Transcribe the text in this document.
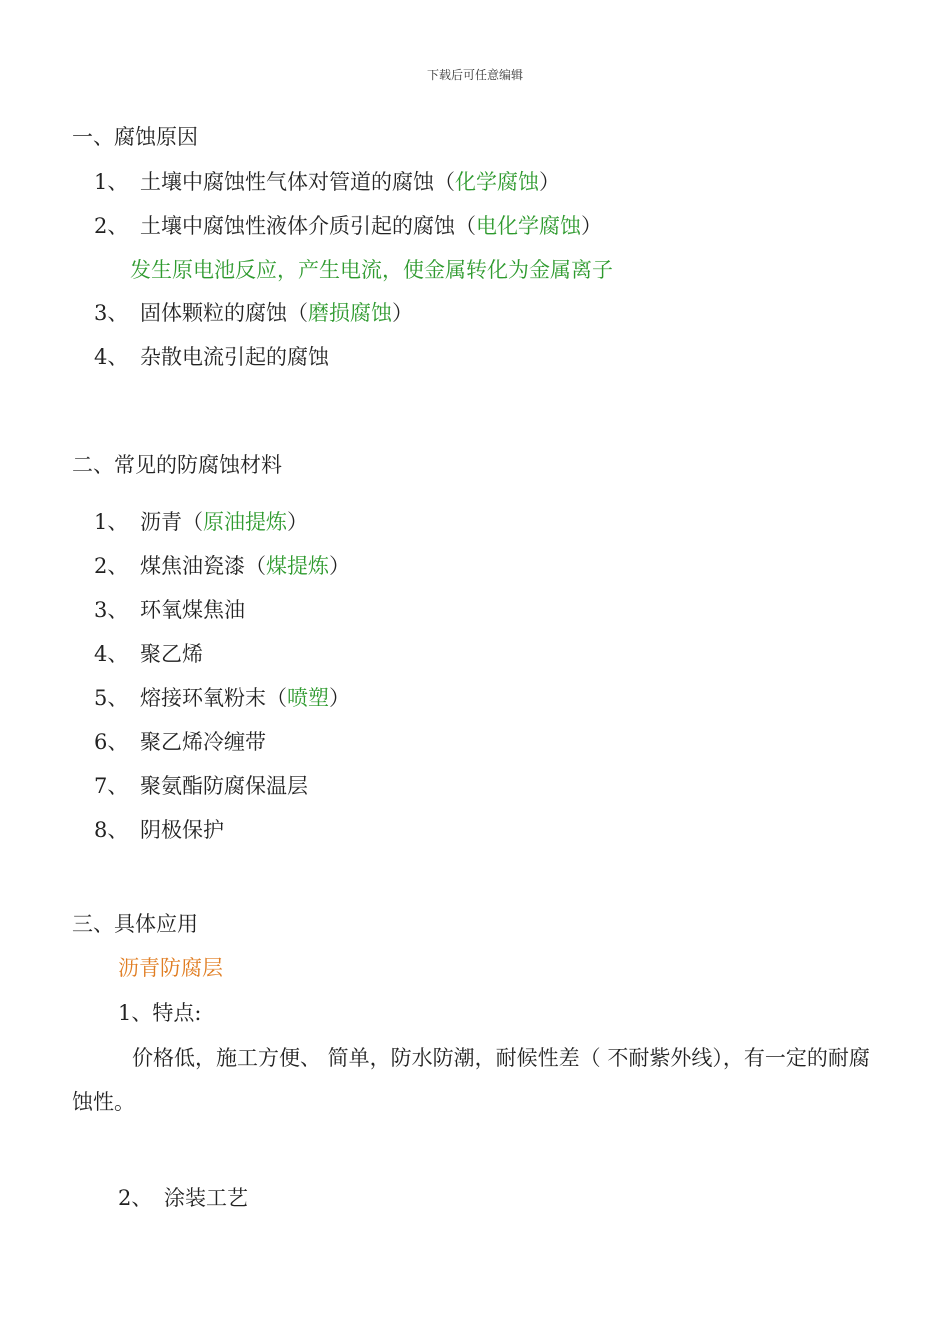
下载后可任意编辑
一、腐蚀原因
1、 土壤中腐蚀性气体对管道的腐蚀（化学腐蚀）
2、 土壤中腐蚀性液体介质引起的腐蚀（电化学腐蚀）
发生原电池反应，产生电流，使金属转化为金属离子
3、 固体颗粒的腐蚀（磨损腐蚀）
4、 杂散电流引起的腐蚀
二、常见的防腐蚀材料
1、 沥青（原油提炼）
2、 煤焦油瓷漆（煤提炼）
3、 环氧煤焦油
4、 聚乙烯
5、 熔接环氧粉末（喷塑）
6、 聚乙烯冷缠带
7、 聚氨酯防腐保温层
8、 阴极保护
三、具体应用
沥青防腐层
1、特点:
价格低，施工方便、 简单，防水防潮，耐候性差（ 不耐紫外线），有一定的耐腐蚀性。
2、 涂装工艺
